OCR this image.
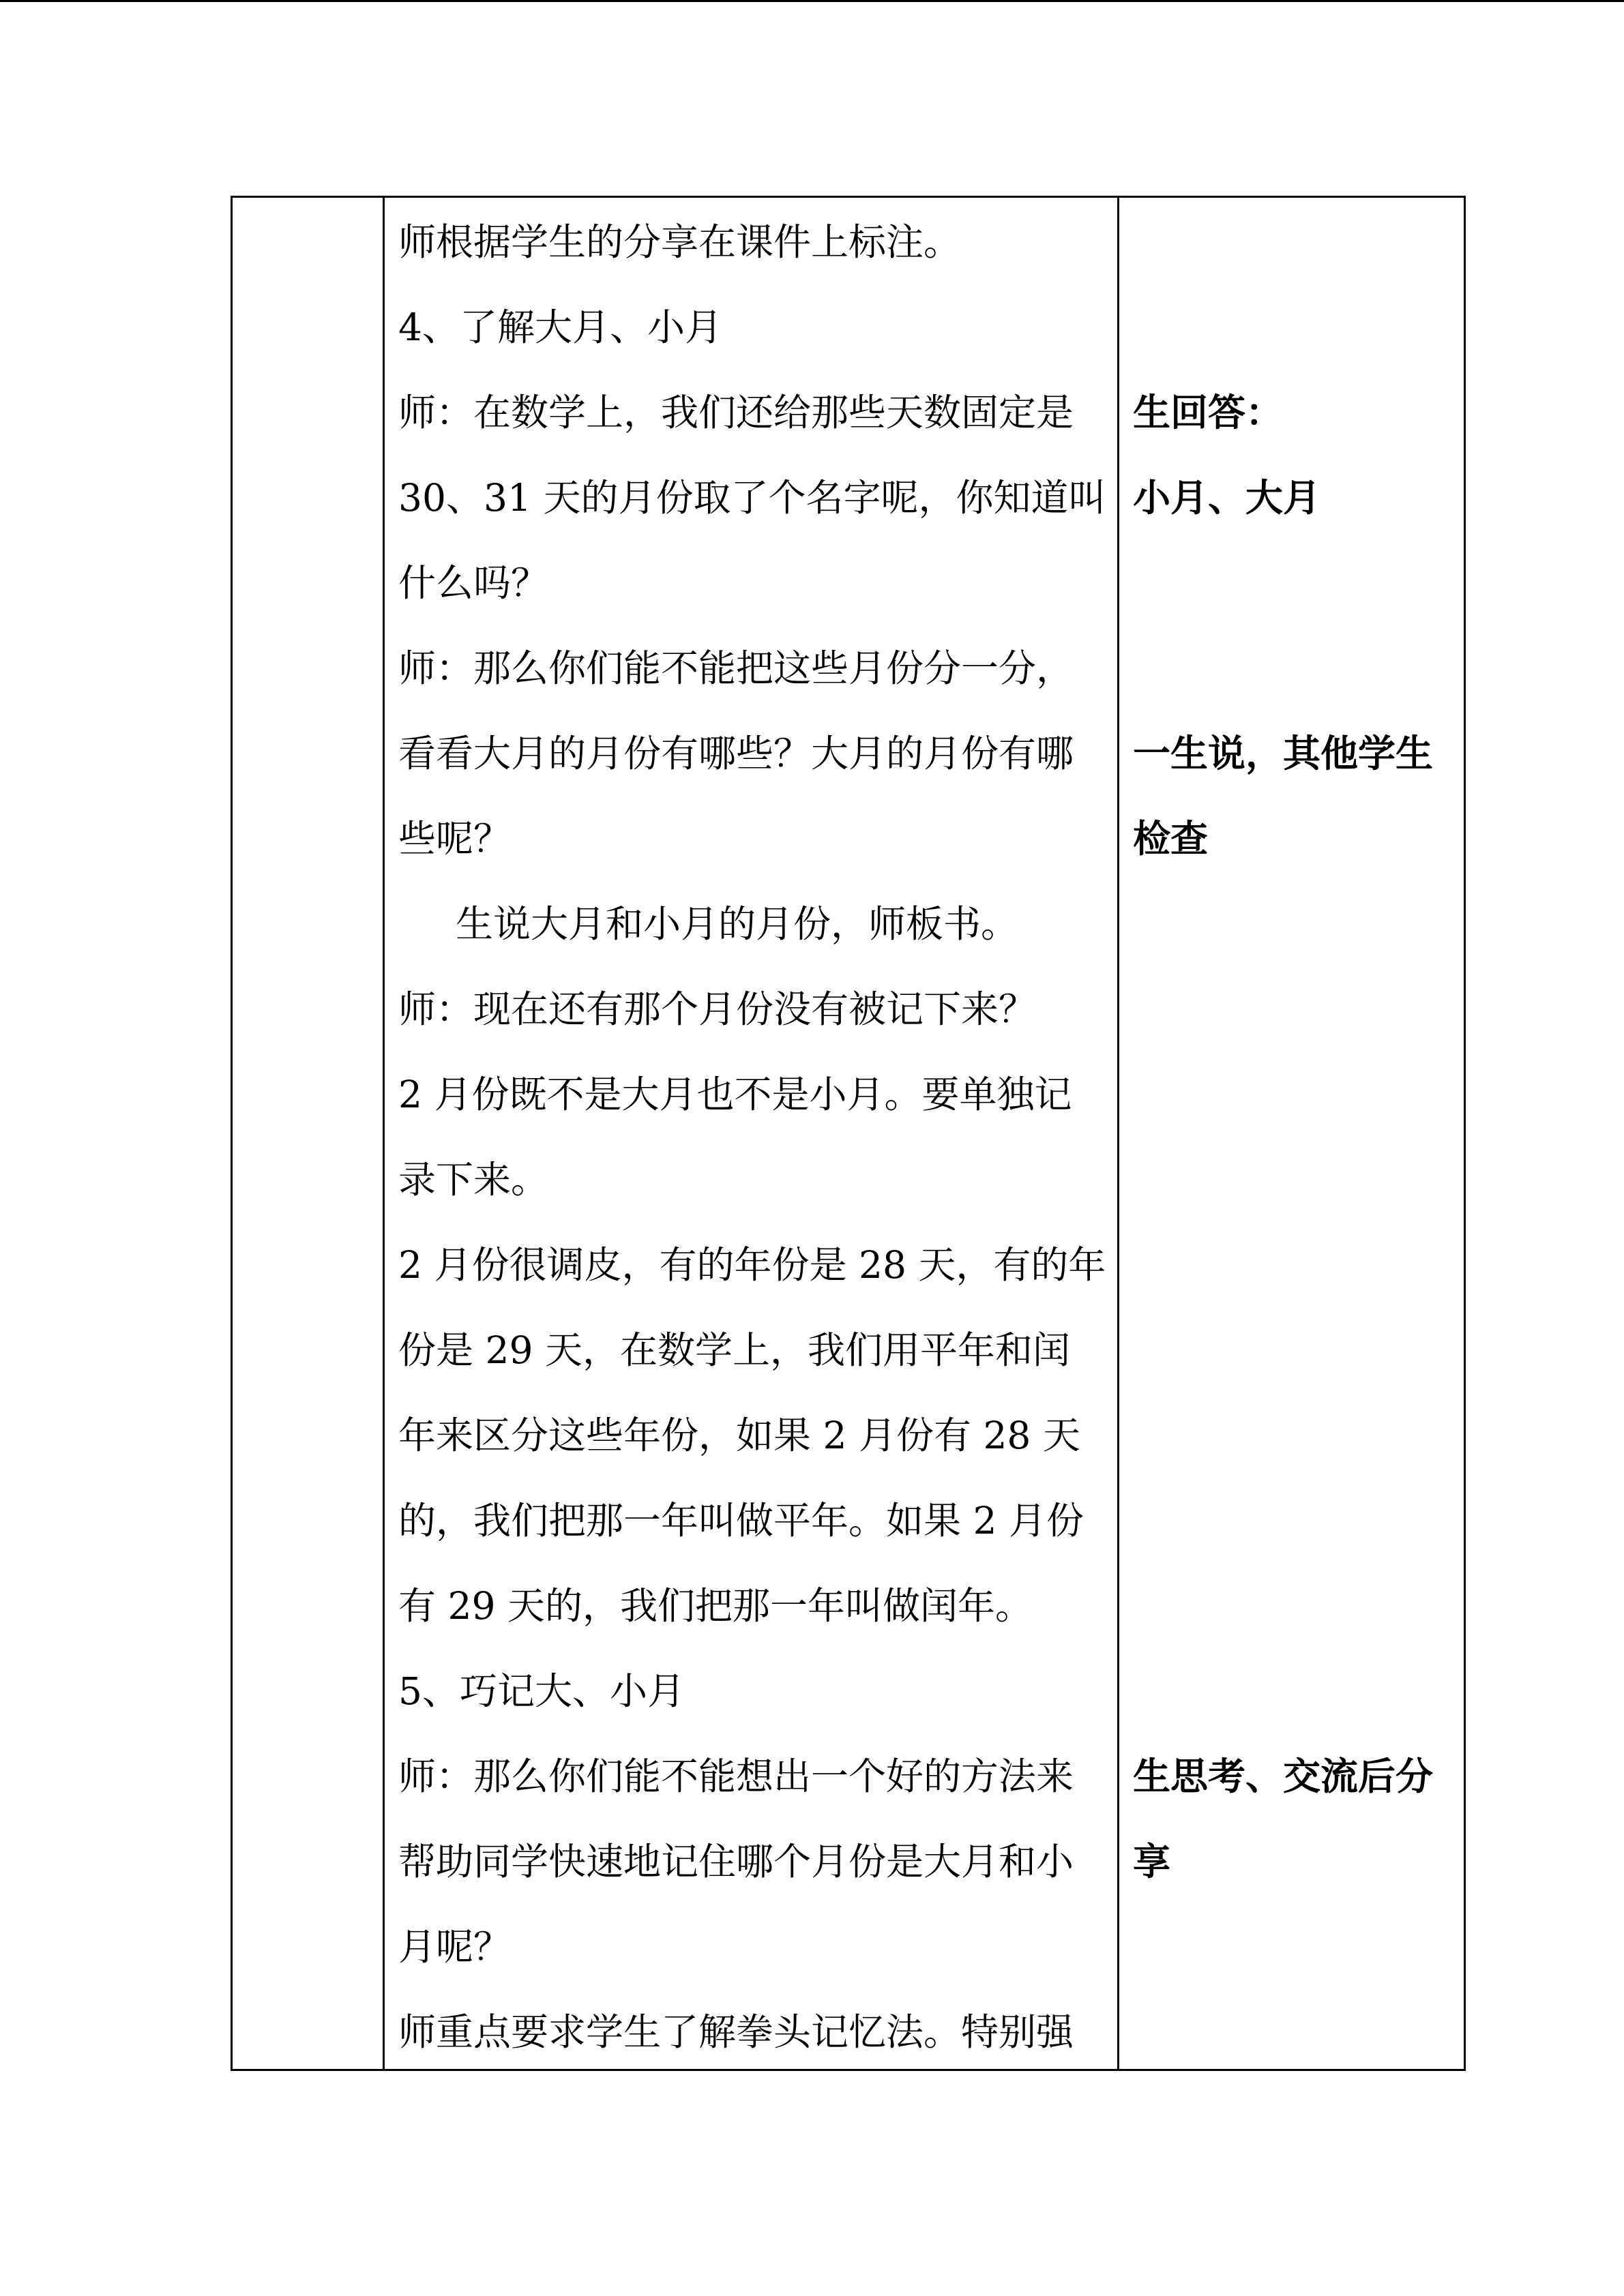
师根据学生的分享在课件上标注。
4、了解大月、小月
师：在数学上，我们还给那些天数固定是
30、31 天的月份取了个名字呢，你知道叫
什么吗？
师：那么你们能不能把这些月份分一分，
看看大月的月份有哪些？大月的月份有哪
些呢？
生说大月和小月的月份，师板书。
师：现在还有那个月份没有被记下来？
2 月份既不是大月也不是小月。要单独记
录下来。
2 月份很调皮，有的年份是 28 天，有的年
份是 29 天，在数学上，我们用平年和闰
年来区分这些年份，如果 2 月份有 28 天
的，我们把那一年叫做平年。如果 2 月份
有 29 天的，我们把那一年叫做闰年。
5、巧记大、小月
师：那么你们能不能想出一个好的方法来
帮助同学快速地记住哪个月份是大月和小
月呢？
师重点要求学生了解拳头记忆法。特别强
生回答：
小月、大月
一生说，其他学生
检查
生思考、交流后分
享
